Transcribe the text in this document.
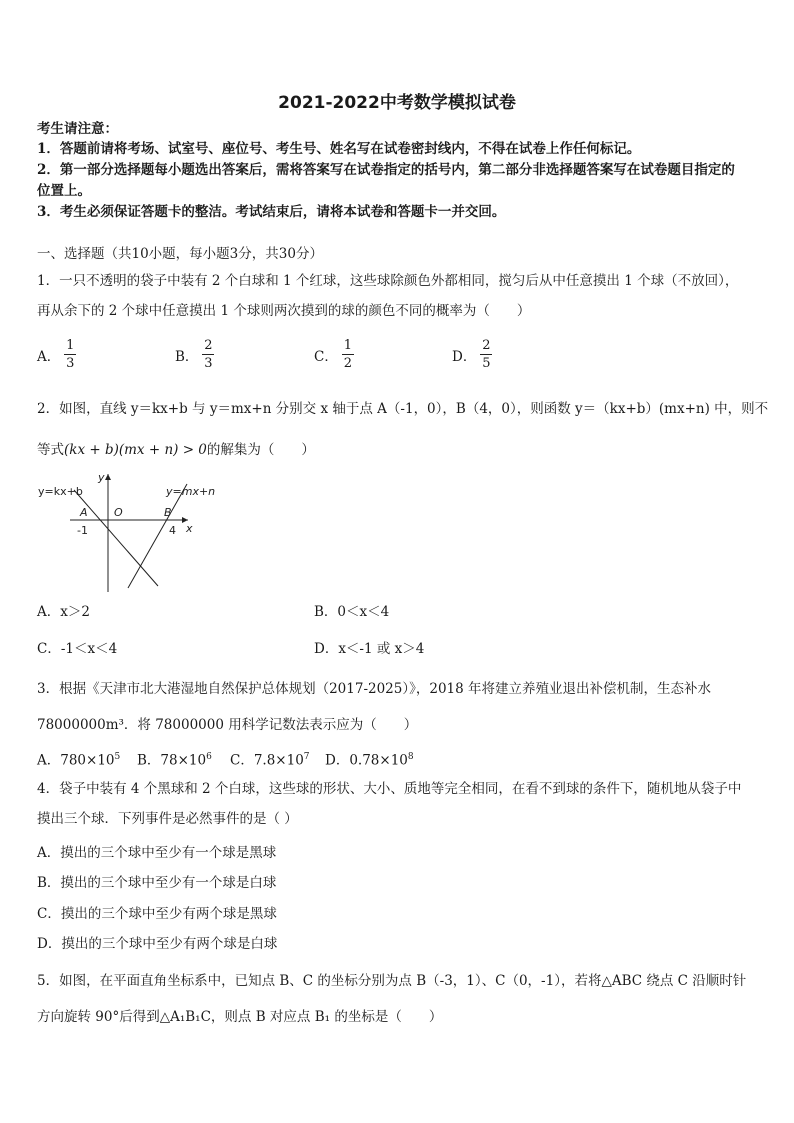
2021-2022中考数学模拟试卷
考生请注意：
1．答题前请将考场、试室号、座位号、考生号、姓名写在试卷密封线内，不得在试卷上作任何标记。
2．第一部分选择题每小题选出答案后，需将答案写在试卷指定的括号内，第二部分非选择题答案写在试卷题目指定的
位置上。
3．考生必须保证答题卡的整洁。考试结束后，请将本试卷和答题卡一并交回。
一、选择题（共10小题，每小题3分，共30分）
1．一只不透明的袋子中装有 2 个白球和 1 个红球，这些球除颜色外都相同，搅匀后从中任意摸出 1 个球（不放回），
再从余下的 2 个球中任意摸出 1 个球则两次摸到的球的颜色不同的概率为（　　）
A． $\frac{1}{3}$	B． $\frac{2}{3}$	C． $\frac{1}{2}$	D． $\frac{2}{5}$
2．如图，直线 y＝kx+b 与 y＝mx+n 分别交 x 轴于点 A（-1，0），B（4，0），则函数 y＝（kx+b）(mx+n) 中，则不
等式(kx + b)(mx + n) > 0的解集为（　　）
y=kx+b	y=mx+n
y
x
A O	B
-1	4
A．x＞2	B．0＜x＜4
C．-1＜x＜4	D．x＜-1 或 x＞4
3．根据《天津市北大港湿地自然保护总体规划（2017-2025）》，2018 年将建立养殖业退出补偿机制，生态补水
78000000m³．将 78000000 用科学记数法表示应为（　　）
A．$780\times 10^5$ B．$78\times 10^6$ C．$7.8\times 10^7$ D．$0.78\times 10^8$
4．袋子中装有 4 个黑球和 2 个白球，这些球的形状、大小、质地等完全相同，在看不到球的条件下，随机地从袋子中
摸出三个球．下列事件是必然事件的是（ ）
A．摸出的三个球中至少有一个球是黑球
B．摸出的三个球中至少有一个球是白球
C．摸出的三个球中至少有两个球是黑球
D．摸出的三个球中至少有两个球是白球
5．如图，在平面直角坐标系中，已知点 B、C 的坐标分别为点 B（-3，1）、C（0，-1），若将△ABC 绕点 C 沿顺时针
方向旋转 90°后得到△A₁B₁C，则点 B 对应点 B₁ 的坐标是（　　）
